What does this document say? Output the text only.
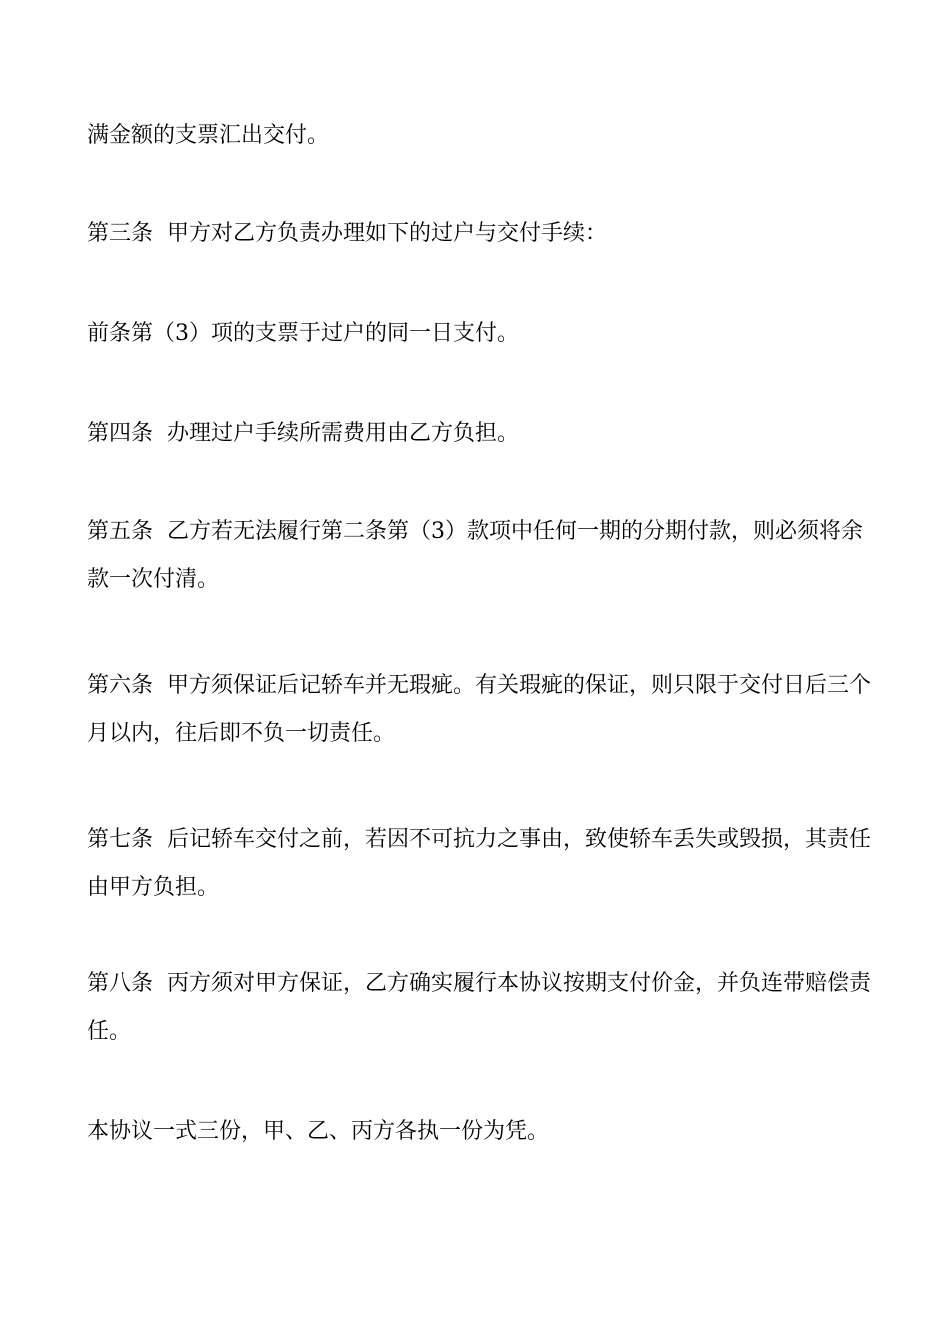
满金额的支票汇出交付。

第三条 甲方对乙方负责办理如下的过户与交付手续：

前条第（3）项的支票于过户的同一日支付。

第四条 办理过户手续所需费用由乙方负担。

第五条 乙方若无法履行第二条第（3）款项中任何一期的分期付款，则必须将余款一次付清。

第六条 甲方须保证后记轿车并无瑕疵。有关瑕疵的保证，则只限于交付日后三个月以内，往后即不负一切责任。

第七条 后记轿车交付之前，若因不可抗力之事由，致使轿车丢失或毁损，其责任由甲方负担。

第八条 丙方须对甲方保证，乙方确实履行本协议按期支付价金，并负连带赔偿责任。

本协议一式三份，甲、乙、丙方各执一份为凭。
